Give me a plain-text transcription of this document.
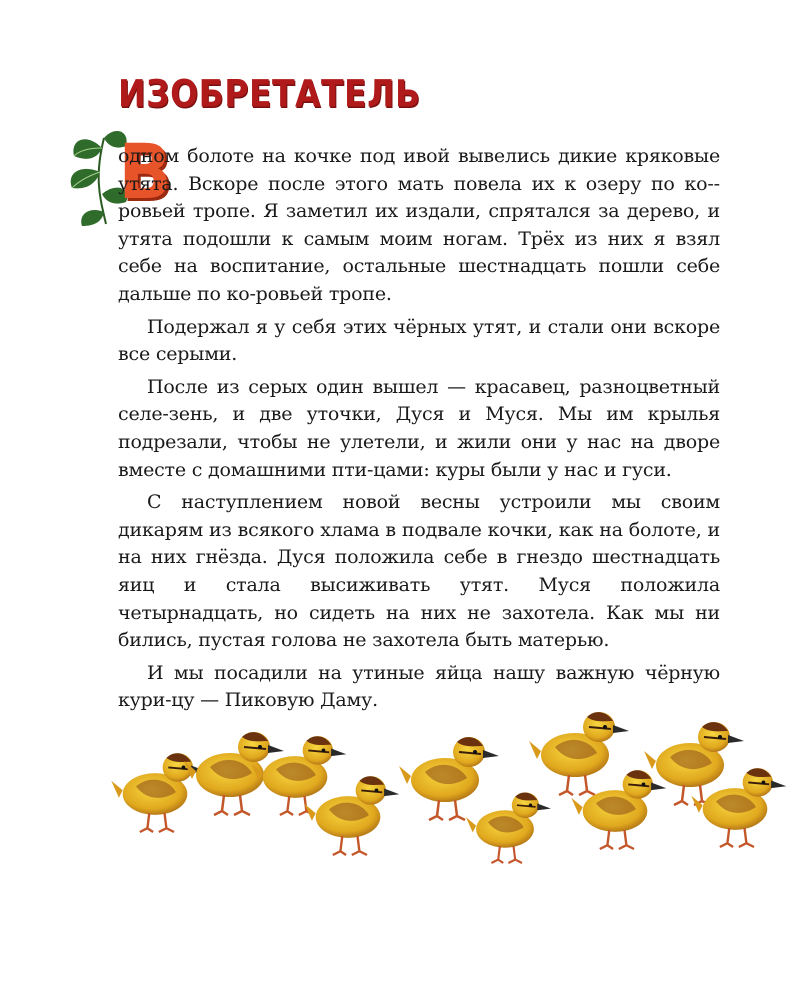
ИЗОБРЕТАТЕЛЬ
В

одном болоте на кочке под ивой вывелись дикие кряковые утята. Вскоре после этого мать повела их к озеру по ко-ровьей тропе. Я заметил их издали, спрятался за дерево, и утята подошли к самым моим ногам. Трёх из них я взял себе на воспитание, остальные шестнадцать пошли себе дальше по ко-ровьей тропе.

Подержал я у себя этих чёрных утят, и стали они вскоре все серыми.

После из серых один вышел — красавец, разноцветный селе-зень, и две уточки, Дуся и Муся. Мы им крылья подрезали, чтобы не улетели, и жили они у нас на дворе вместе с домашними пти-цами: куры были у нас и гуси.

С наступлением новой весны устроили мы своим дикарям из всякого хлама в подвале кочки, как на болоте, и на них гнёзда. Дуся положила себе в гнездо шестнадцать яиц и стала высиживать утят. Муся положила четырнадцать, но сидеть на них не захотела. Как мы ни бились, пустая голова не захотела быть матерью.

И мы посадили на утиные яйца нашу важную чёрную кури-цу — Пиковую Даму.
